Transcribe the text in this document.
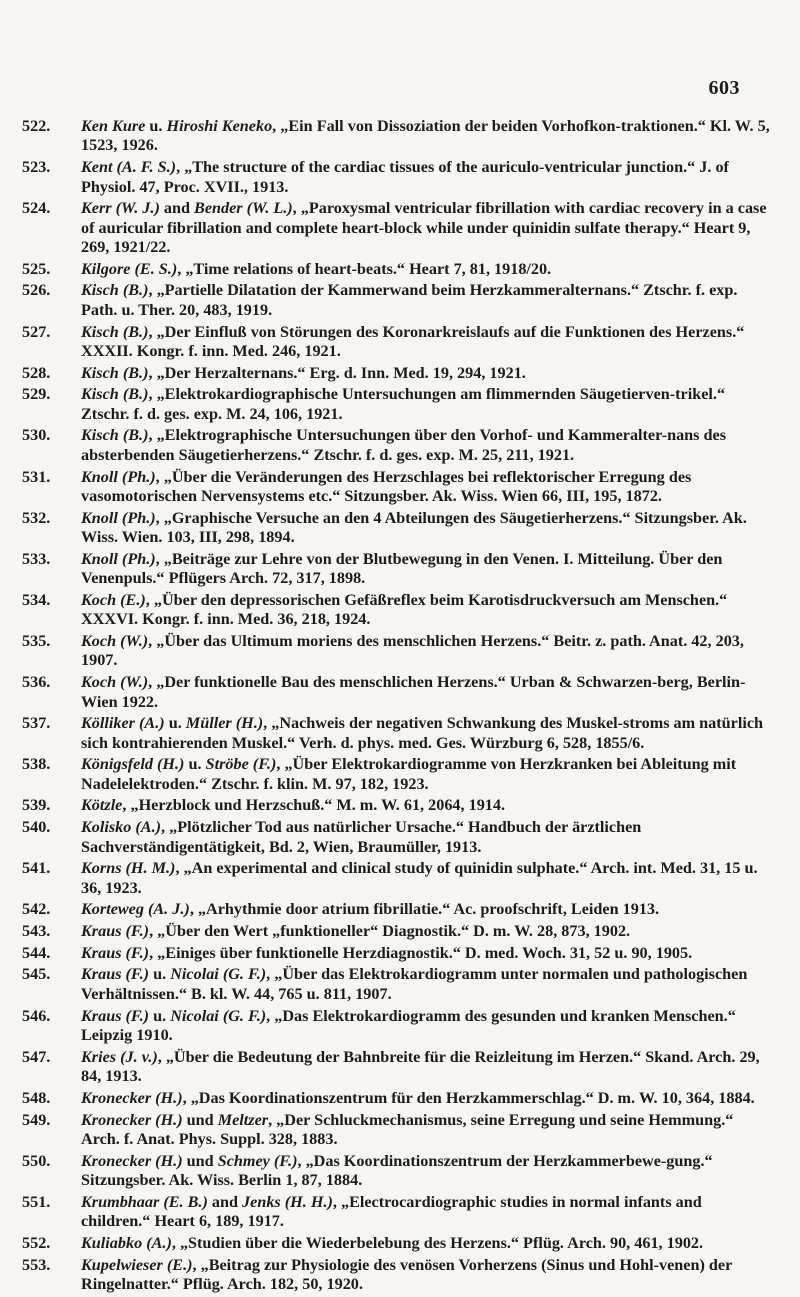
603
522. Ken Kure u. Hiroshi Keneko, „Ein Fall von Dissoziation der beiden Vorhofkon-traktionen.“ Kl. W. 5, 1523, 1926.
523. Kent (A. F. S.), „The structure of the cardiac tissues of the auriculo-ventricular junction.“ J. of Physiol. 47, Proc. XVII., 1913.
524. Kerr (W. J.) and Bender (W. L.), „Paroxysmal ventricular fibrillation with cardiac recovery in a case of auricular fibrillation and complete heart-block while under quinidin sulfate therapy.“ Heart 9, 269, 1921/22.
525. Kilgore (E. S.), „Time relations of heart-beats.“ Heart 7, 81, 1918/20.
526. Kisch (B.), „Partielle Dilatation der Kammerwand beim Herzkammeralternans.“ Ztschr. f. exp. Path. u. Ther. 20, 483, 1919.
527. Kisch (B.), „Der Einfluß von Störungen des Koronarkreislaufs auf die Funktionen des Herzens.“ XXXII. Kongr. f. inn. Med. 246, 1921.
528. Kisch (B.), „Der Herzalternans.“ Erg. d. Inn. Med. 19, 294, 1921.
529. Kisch (B.), „Elektrokardiographische Untersuchungen am flimmernden Säugetierven-trikel.“ Ztschr. f. d. ges. exp. M. 24, 106, 1921.
530. Kisch (B.), „Elektrographische Untersuchungen über den Vorhof- und Kammeralter-nans des absterbenden Säugetierherzens.“ Ztschr. f. d. ges. exp. M. 25, 211, 1921.
531. Knoll (Ph.), „Über die Veränderungen des Herzschlages bei reflektorischer Erregung des vasomotorischen Nervensystems etc.“ Sitzungsber. Ak. Wiss. Wien 66, III, 195, 1872.
532. Knoll (Ph.), „Graphische Versuche an den 4 Abteilungen des Säugetierherzens.“ Sitzungsber. Ak. Wiss. Wien. 103, III, 298, 1894.
533. Knoll (Ph.), „Beiträge zur Lehre von der Blutbewegung in den Venen. I. Mitteilung. Über den Venenpuls.“ Pflügers Arch. 72, 317, 1898.
534. Koch (E.), „Über den depressorischen Gefäßreflex beim Karotisdruckversuch am Menschen.“ XXXVI. Kongr. f. inn. Med. 36, 218, 1924.
535. Koch (W.), „Über das Ultimum moriens des menschlichen Herzens.“ Beitr. z. path. Anat. 42, 203, 1907.
536. Koch (W.), „Der funktionelle Bau des menschlichen Herzens.“ Urban & Schwarzen-berg, Berlin-Wien 1922.
537. Kölliker (A.) u. Müller (H.), „Nachweis der negativen Schwankung des Muskel-stroms am natürlich sich kontrahierenden Muskel.“ Verh. d. phys. med. Ges. Würzburg 6, 528, 1855/6.
538. Königsfeld (H.) u. Ströbe (F.), „Über Elektrokardiogramme von Herzkranken bei Ableitung mit Nadelelektroden.“ Ztschr. f. klin. M. 97, 182, 1923.
539. Kötzle, „Herzblock und Herzschuß.“ M. m. W. 61, 2064, 1914.
540. Kolisko (A.), „Plötzlicher Tod aus natürlicher Ursache.“ Handbuch der ärztlichen Sachverständigentätigkeit, Bd. 2, Wien, Braumüller, 1913.
541. Korns (H. M.), „An experimental and clinical study of quinidin sulphate.“ Arch. int. Med. 31, 15 u. 36, 1923.
542. Korteweg (A. J.), „Arhythmie door atrium fibrillatie.“ Ac. proofschrift, Leiden 1913.
543. Kraus (F.), „Über den Wert „funktioneller“ Diagnostik.“ D. m. W. 28, 873, 1902.
544. Kraus (F.), „Einiges über funktionelle Herzdiagnostik.“ D. med. Woch. 31, 52 u. 90, 1905.
545. Kraus (F.) u. Nicolai (G. F.), „Über das Elektrokardiogramm unter normalen und pathologischen Verhältnissen.“ B. kl. W. 44, 765 u. 811, 1907.
546. Kraus (F.) u. Nicolai (G. F.), „Das Elektrokardiogramm des gesunden und kranken Menschen.“ Leipzig 1910.
547. Kries (J. v.), „Über die Bedeutung der Bahnbreite für die Reizleitung im Herzen.“ Skand. Arch. 29, 84, 1913.
548. Kronecker (H.), „Das Koordinationszentrum für den Herzkammerschlag.“ D. m. W. 10, 364, 1884.
549. Kronecker (H.) und Meltzer, „Der Schluckmechanismus, seine Erregung und seine Hemmung.“ Arch. f. Anat. Phys. Suppl. 328, 1883.
550. Kronecker (H.) und Schmey (F.), „Das Koordinationszentrum der Herzkammerbewe-gung.“ Sitzungsber. Ak. Wiss. Berlin 1, 87, 1884.
551. Krumbhaar (E. B.) and Jenks (H. H.), „Electrocardiographic studies in normal infants and children.“ Heart 6, 189, 1917.
552. Kuliabko (A.), „Studien über die Wiederbelebung des Herzens.“ Pflüg. Arch. 90, 461, 1902.
553. Kupelwieser (E.), „Beitrag zur Physiologie des venösen Vorherzens (Sinus und Hohl-venen) der Ringelnatter.“ Pflüg. Arch. 182, 50, 1920.
